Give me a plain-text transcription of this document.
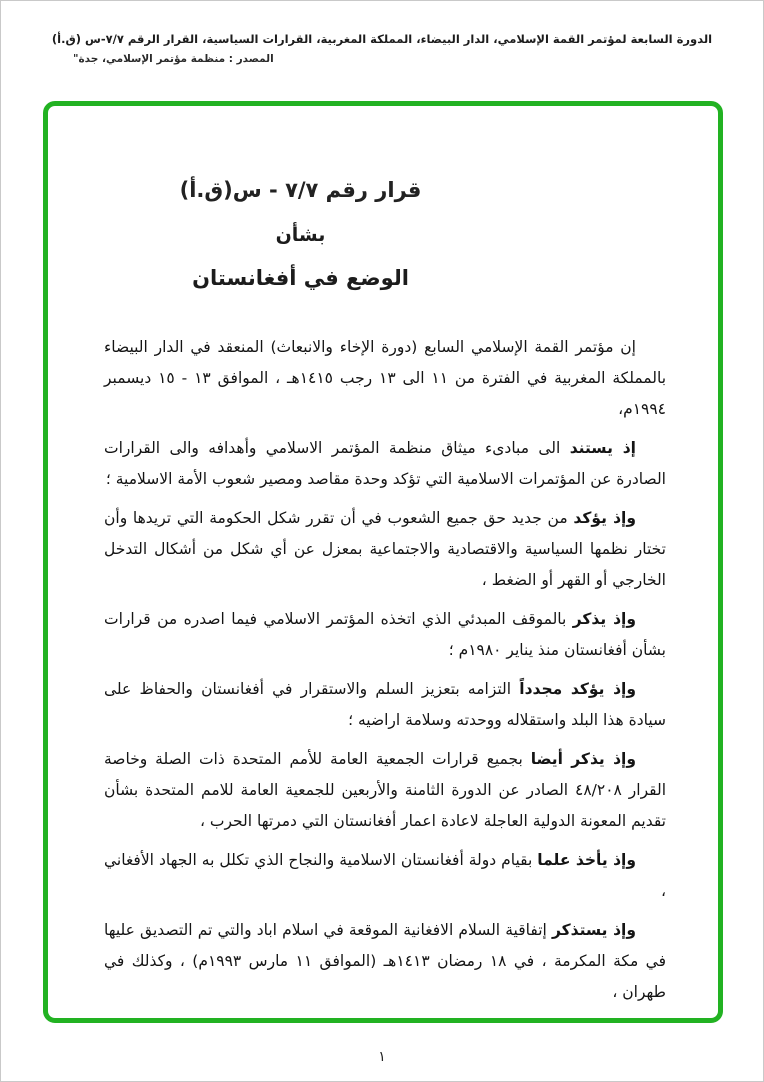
الدورة السابعة لمؤتمر القمة الإسلامي، الدار البيضاء، المملكة المغربية، القرارات السياسية، القرار الرقم ٧/٧-س (ق.أ)
المصدر : منظمة مؤتمر الإسلامي، جدة"
قرار رقم ٧/٧ - س(ق.أ)
بشأن
الوضع في أفغانستان

إن مؤتمر القمة الإسلامي السابع (دورة الإخاء والانبعاث) المنعقد في الدار البيضاء بالمملكة المغربية في الفترة من ١١ الى ١٣ رجب ١٤١٥هـ ، الموافق ١٣ - ١٥ ديسمبر ١٩٩٤م،

إذ يستند الى مبادىء ميثاق منظمة المؤتمر الاسلامي وأهدافه والى القرارات الصادرة عن المؤتمرات الاسلامية التي تؤكد وحدة مقاصد ومصير شعوب الأمة الاسلامية ؛

وإذ يؤكد من جديد حق جميع الشعوب في أن تقرر شكل الحكومة التي تريدها وأن تختار نظمها السياسية والاقتصادية والاجتماعية بمعزل عن أي شكل من أشكال التدخل الخارجي أو القهر أو الضغط ،

وإذ يذكر بالموقف المبدئي الذي اتخذه المؤتمر الاسلامي فيما اصدره من قرارات بشأن أفغانستان منذ يناير ١٩٨٠م ؛

وإذ يؤكد مجدداً التزامه بتعزيز السلم والاستقرار في أفغانستان والحفاظ على سيادة هذا البلد واستقلاله ووحدته وسلامة اراضيه ؛

وإذ يذكر أيضا بجميع قرارات الجمعية العامة للأمم المتحدة ذات الصلة وخاصة القرار ٤٨/٢٠٨ الصادر عن الدورة الثامنة والأربعين للجمعية العامة للامم المتحدة بشأن تقديم المعونة الدولية العاجلة لاعادة اعمار أفغانستان التي دمرتها الحرب ،

وإذ يأخذ علما بقيام دولة أفغانستان الاسلامية والنجاح الذي تكلل به الجهاد الأفغاني ،

وإذ يستذكر إتفاقية السلام الافغانية الموقعة في اسلام اباد والتي تم التصديق عليها في مكة المكرمة ، في ١٨ رمضان ١٤١٣هـ (الموافق ١١ مارس ١٩٩٣م) ، وكذلك في طهران ،

١
